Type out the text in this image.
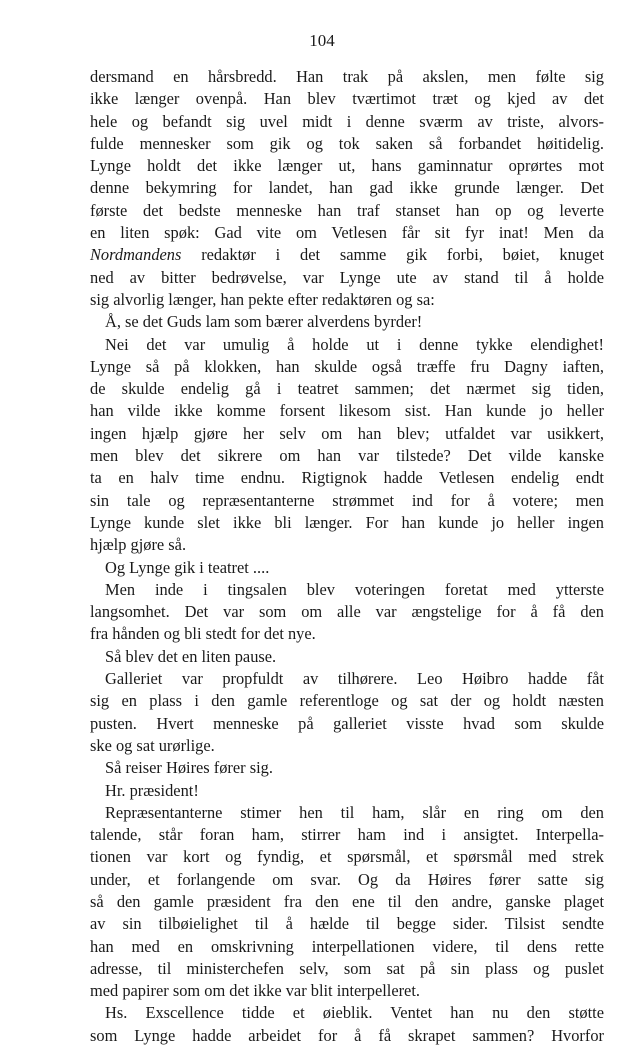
104
dersmand en hårsbredd. Han trak på akslen, men følte sig
ikke længer ovenpå. Han blev tværtimot træt og kjed av det
hele og befandt sig uvel midt i denne sværm av triste, alvors-
fulde mennesker som gik og tok saken så forbandet høitidelig.
Lynge holdt det ikke længer ut, hans gaminnatur oprørtes mot
denne bekymring for landet, han gad ikke grunde længer. Det
første det bedste menneske han traf stanset han op og leverte
en liten spøk: Gad vite om Vetlesen får sit fyr inat! Men da
Nordmandens redaktør i det samme gik forbi, bøiet, knuget
ned av bitter bedrøvelse, var Lynge ute av stand til å holde
sig alvorlig længer, han pekte efter redaktøren og sa:
Å, se det Guds lam som bærer alverdens byrder!
Nei det var umulig å holde ut i denne tykke elendighet!
Lynge så på klokken, han skulde også træffe fru Dagny iaften,
de skulde endelig gå i teatret sammen; det nærmet sig tiden,
han vilde ikke komme forsent likesom sist. Han kunde jo heller
ingen hjælp gjøre her selv om han blev; utfaldet var usikkert,
men blev det sikrere om han var tilstede? Det vilde kanske
ta en halv time endnu. Rigtignok hadde Vetlesen endelig endt
sin tale og repræsentanterne strømmet ind for å votere; men
Lynge kunde slet ikke bli længer. For han kunde jo heller ingen
hjælp gjøre så.
Og Lynge gik i teatret ....
Men inde i tingsalen blev voteringen foretat med ytterste
langsomhet. Det var som om alle var ængstelige for å få den
fra hånden og bli stedt for det nye.
Så blev det en liten pause.
Galleriet var propfuldt av tilhørere. Leo Høibro hadde fåt
sig en plass i den gamle referentloge og sat der og holdt næsten
pusten. Hvert menneske på galleriet visste hvad som skulde
ske og sat urørlige.
Så reiser Høires fører sig.
Hr. præsident!
Repræsentanterne stimer hen til ham, slår en ring om den
talende, står foran ham, stirrer ham ind i ansigtet. Interpella-
tionen var kort og fyndig, et spørsmål, et spørsmål med strek
under, et forlangende om svar. Og da Høires fører satte sig
så den gamle præsident fra den ene til den andre, ganske plaget
av sin tilbøielighet til å hælde til begge sider. Tilsist sendte
han med en omskrivning interpellationen videre, til dens rette
adresse, til ministerchefen selv, som sat på sin plass og puslet
med papirer som om det ikke var blit interpelleret.
Hs. Exscellence tidde et øieblik. Ventet han nu den støtte
som Lynge hadde arbeidet for å få skrapet sammen? Hvorfor
